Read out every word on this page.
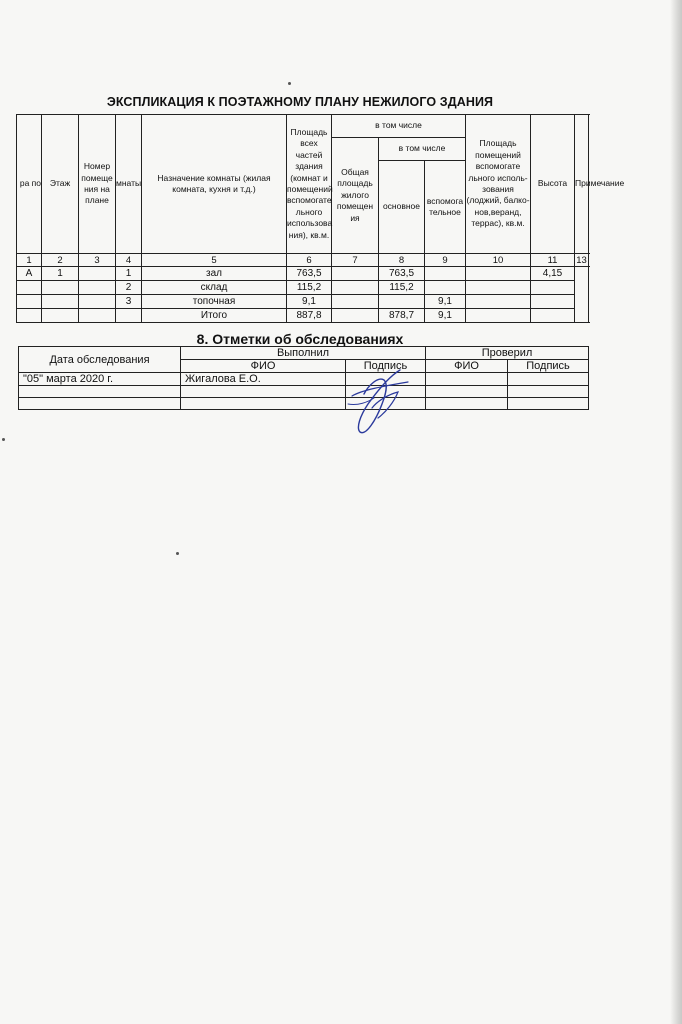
ЭКСПЛИКАЦИЯ К ПОЭТАЖНОМУ ПЛАНУ НЕЖИЛОГО ЗДАНИЯ
ра по	Этаж	Номер помеще ния на плане	мнаты	Назначение комнаты (жилая комната, кухня и т.д.)	Площадь всех частей здания (комнат и помещений вспомогате льного использова ния), кв.м.	в том числе			Площадь помещений вспомогате льного исполь- зования (лоджий, балко- нов,веранд, террас), кв.м.	Высота	Примечание
						Общая площадь жилого помещен ия	в том числе				
							основное	вспомога тельное			
1	2	3	4	5	6	7	8	9	10	11	13
А	1		1	зал	763,5		763,5			4,15	
			2	склад	115,2		115,2				
			3	топочная	9,1			9,1			
				Итого	887,8		878,7	9,1			
8. Отметки об обследованиях
Дата обследования	Выполнил		Проверил	
	ФИО	Подпись	ФИО	Подпись
"05" марта 2020 г.	Жигалова Е.О.			
